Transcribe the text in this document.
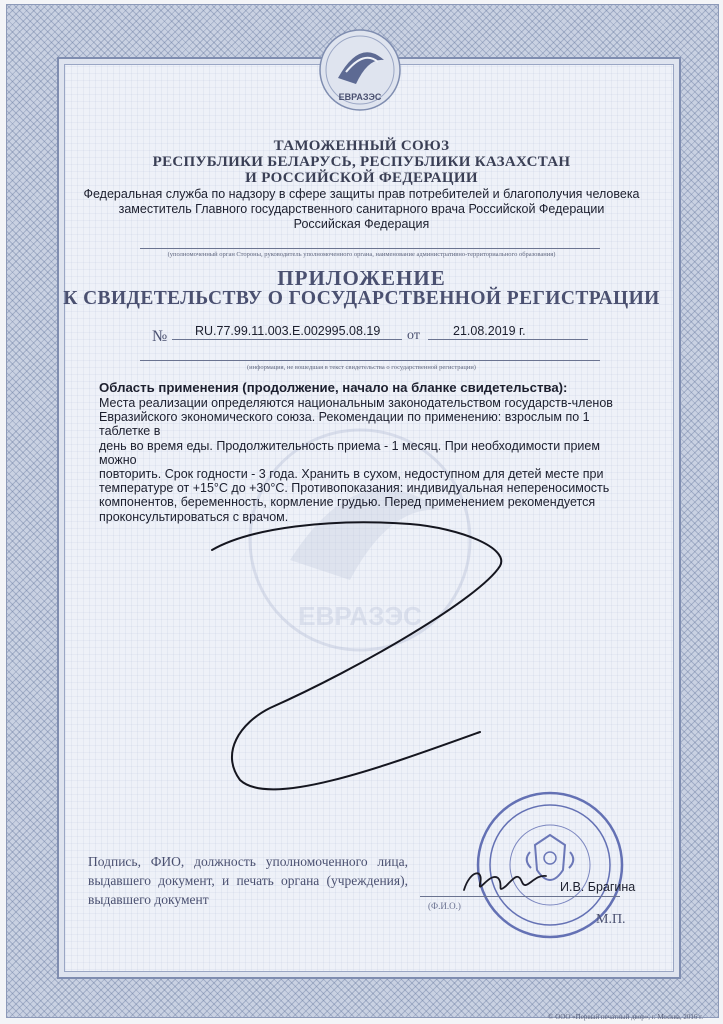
ЕВРАЗЭС
ЕВРАЗЭС
ТАМОЖЕННЫЙ СОЮЗ
РЕСПУБЛИКИ БЕЛАРУСЬ, РЕСПУБЛИКИ КАЗАХСТАН
И РОССИЙСКОЙ ФЕДЕРАЦИИ
Федеральная служба по надзору в сфере защиты прав потребителей и благополучия человека
заместитель Главного государственного санитарного врача Российской Федерации
Российская Федерация
(уполномоченный орган Стороны, руководитель уполномоченного органа, наименование административно-территориального образования)
ПРИЛОЖЕНИЕ
К СВИДЕТЕЛЬСТВУ О ГОСУДАРСТВЕННОЙ РЕГИСТРАЦИИ
№ RU.77.99.11.003.E.002995.08.19 от	21.08.2019 г.
(информация, не вошедшая в текст свидетельства о государственной регистрации)

Область применения (продолжение, начало на бланке свидетельства):

Места реализации определяются национальным законодательством государств-членов

Евразийского экономического союза. Рекомендации по применению: взрослым по 1 таблетке в

день во время еды. Продолжительность приема - 1 месяц. При необходимости прием можно

повторить. Срок годности - 3 года. Хранить в сухом, недоступном для детей месте при

температуре от +15°С до +30°С. Противопоказания: индивидуальная непереносимость

компонентов, беременность, кормление грудью. Перед применением рекомендуется

проконсультироваться с врачом.

Подпись, ФИО, должность уполномоченного лица, выдавшего документ, и печать органа (учреждения), выдавшего документ
И.В. Брагина
(Ф.И.О.)
М.П.
© ООО «Первый печатный двор», г. Москва, 2016 г.
